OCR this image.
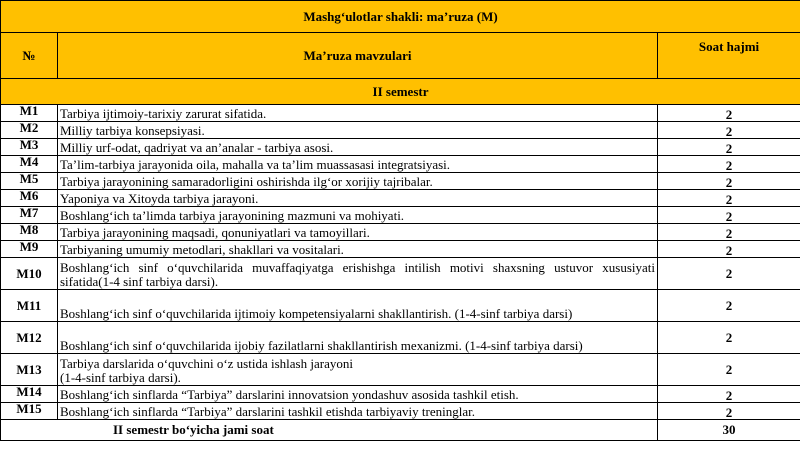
Mashg‘ulotlar shakli: ma’ruza (M)		
№	Ma’ruza mavzulari	Soat hajmi
II semestr		
M1	Tarbiya ijtimoiy-tarixiy zarurat sifatida.	2
M2	Milliy tarbiya konsepsiyasi.	2
M3	Milliy urf-odat, qadriyat va an’analar - tarbiya asosi.	2
M4	Ta’lim-tarbiya jarayonida oila, mahalla va ta’lim muassasasi integratsiyasi.	2
M5	Tarbiya jarayonining samaradorligini oshirishda ilg‘or xorijiy tajribalar.	2
M6	Yaponiya va Xitoyda tarbiya jarayoni.	2
M7	Boshlang‘ich ta’limda tarbiya jarayonining mazmuni va mohiyati.	2
M8	Tarbiya jarayonining maqsadi, qonuniyatlari va tamoyillari.	2
M9	Tarbiyaning umumiy metodlari, shakllari va vositalari.	2
M10	Boshlang‘ich sinf o‘quvchilarida muvaffaqiyatga erishishga intilish motivi shaxsning ustuvor xususiyati sifatida(1-4 sinf tarbiya darsi).	2
M11	Boshlang‘ich sinf o‘quvchilarida ijtimoiy kompetensiyalarni shakllantirish. (1-4-sinf tarbiya darsi)	2
M12	Boshlang‘ich sinf o‘quvchilarida ijobiy fazilatlarni shakllantirish mexanizmi. (1-4-sinf tarbiya darsi)	2
M13	Tarbiya darslarida o‘quvchini o‘z ustida ishlash jarayoni
(1-4-sinf tarbiya darsi).	2
M14	Boshlang‘ich sinflarda “Tarbiya” darslarini innovatsion yondashuv asosida tashkil etish.	2
M15	Boshlang‘ich sinflarda “Tarbiya” darslarini tashkil etishda tarbiyaviy treninglar.	2
II semestr bo‘yicha jami soat		30
